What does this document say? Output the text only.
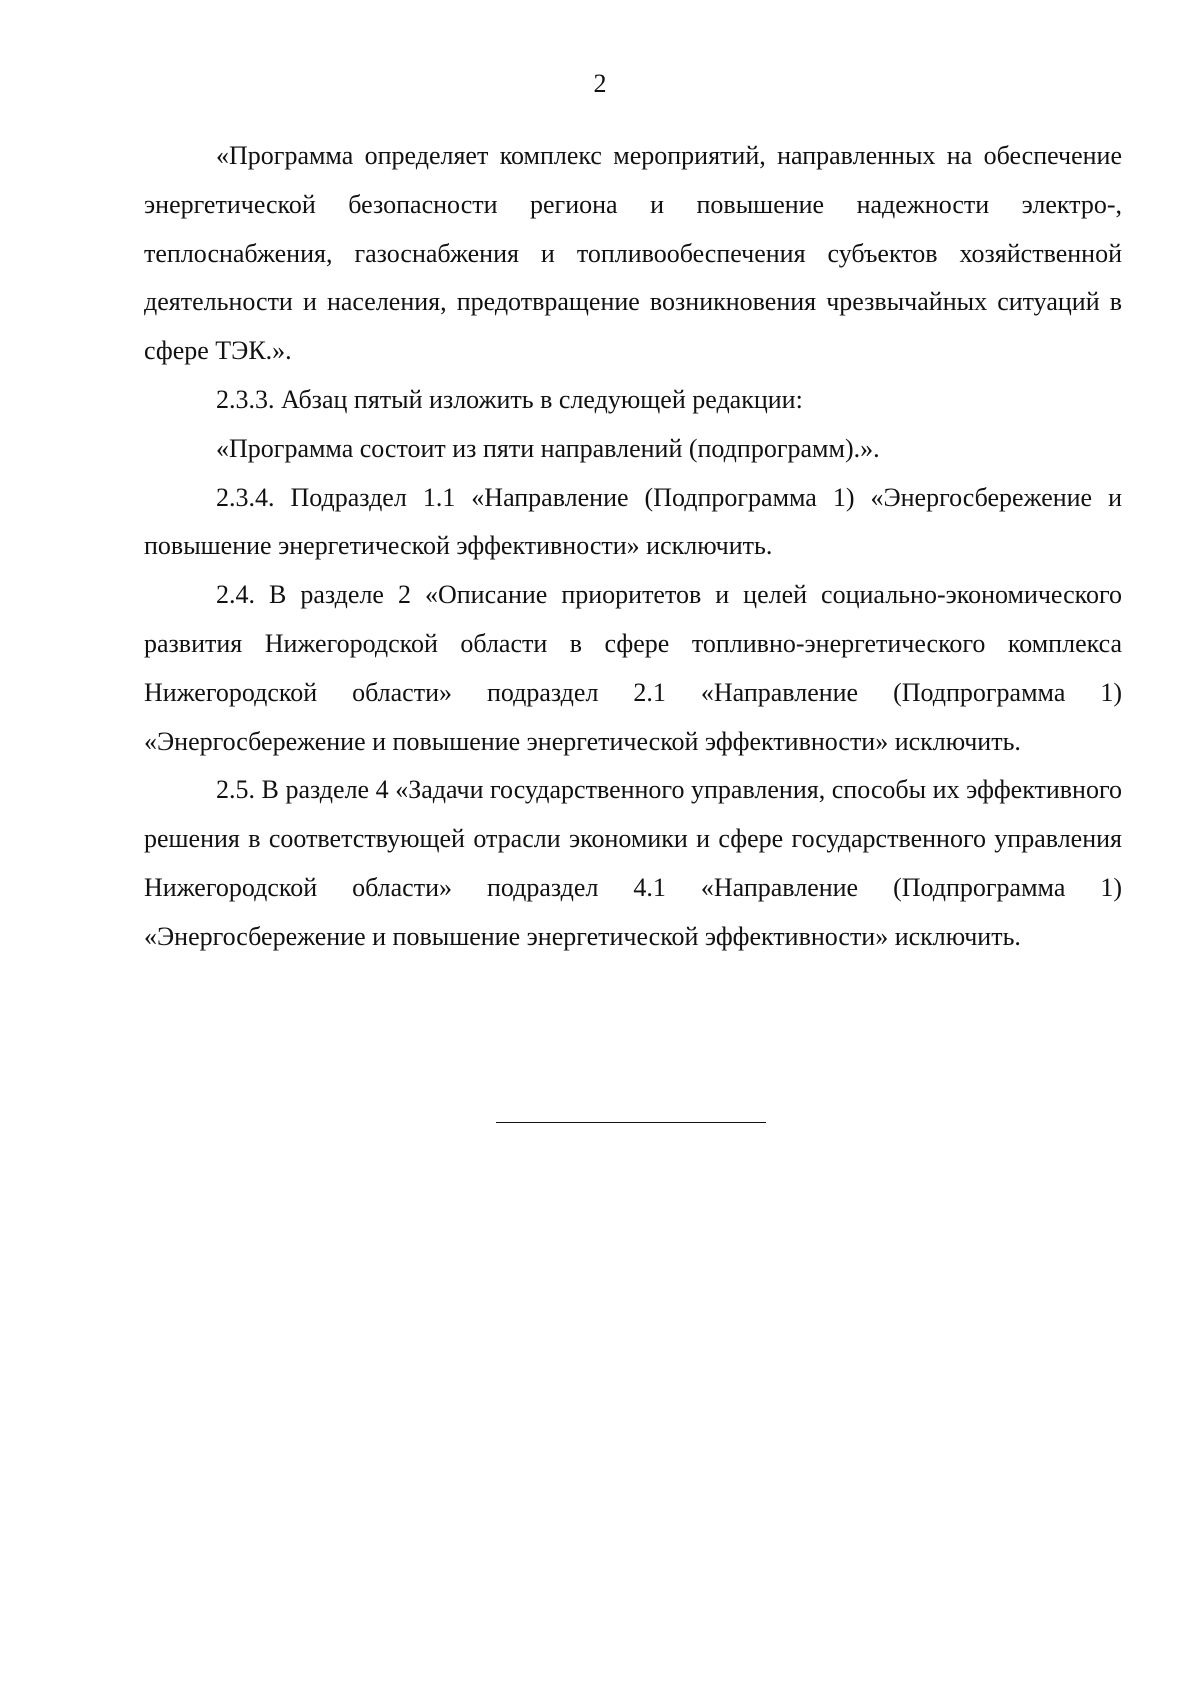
2

«Программа определяет комплекс мероприятий, направленных на обеспечение энергетической безопасности региона и повышение надежности электро-, теплоснабжения, газоснабжения и топливообеспечения субъектов хозяйственной деятельности и населения, предотвращение возникновения чрезвычайных ситуаций в сфере ТЭК.».

2.3.3. Абзац пятый изложить в следующей редакции:

«Программа состоит из пяти направлений (подпрограмм).».

2.3.4. Подраздел 1.1 «Направление (Подпрограмма 1) «Энергосбережение и повышение энергетической эффективности» исключить.

2.4. В разделе 2 «Описание приоритетов и целей социально-экономического развития Нижегородской области в сфере топливно-энергетического комплекса Нижегородской области» подраздел 2.1 «Направление (Подпрограмма 1) «Энергосбережение и повышение энергетической эффективности» исключить.

2.5. В разделе 4 «Задачи государственного управления, способы их эффективного решения в соответствующей отрасли экономики и сфере государственного управления Нижегородской области» подраздел 4.1 «Направление (Подпрограмма 1) «Энергосбережение и повышение энергетической эффективности» исключить.
